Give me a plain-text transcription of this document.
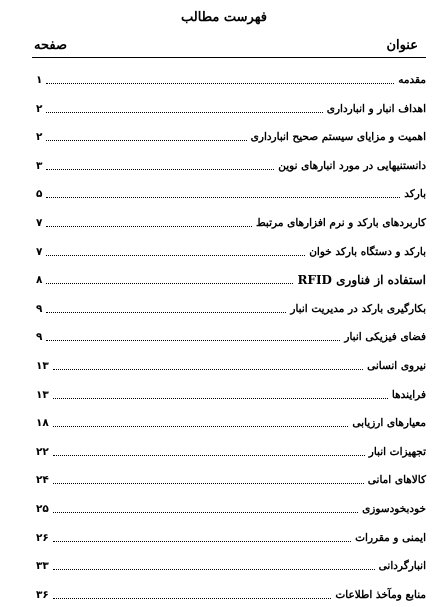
فهرست مطالب
عنوان
صفحه
مقدمه
۱
اهداف انبار و انبارداری
۲
اهمیت و مزایای سیستم صحیح انبارداری
۲
دانستنیهایی در مورد انبارهای نوین
۳
بارکد
۵
کاربردهای بارکد و نرم افزارهای مرتبط
۷
بارکد و دستگاه بارکد خوان
۷
استفاده از فناوری RFID
۸
بکارگیری بارکد در مدیریت انبار
۹
فضای فیزیکی انبار
۹
نیروی انسانی
۱۳
فرایندها
۱۳
معیارهای ارزیابی
۱۸
تجهیزات انبار
۲۲
کالاهای امانی
۲۴
خودبخودسوزی
۲۵
ایمنی و مقررات
۲۶
انبارگردانی
۳۳
منابع ومآخذ اطلاعات
۳۶
